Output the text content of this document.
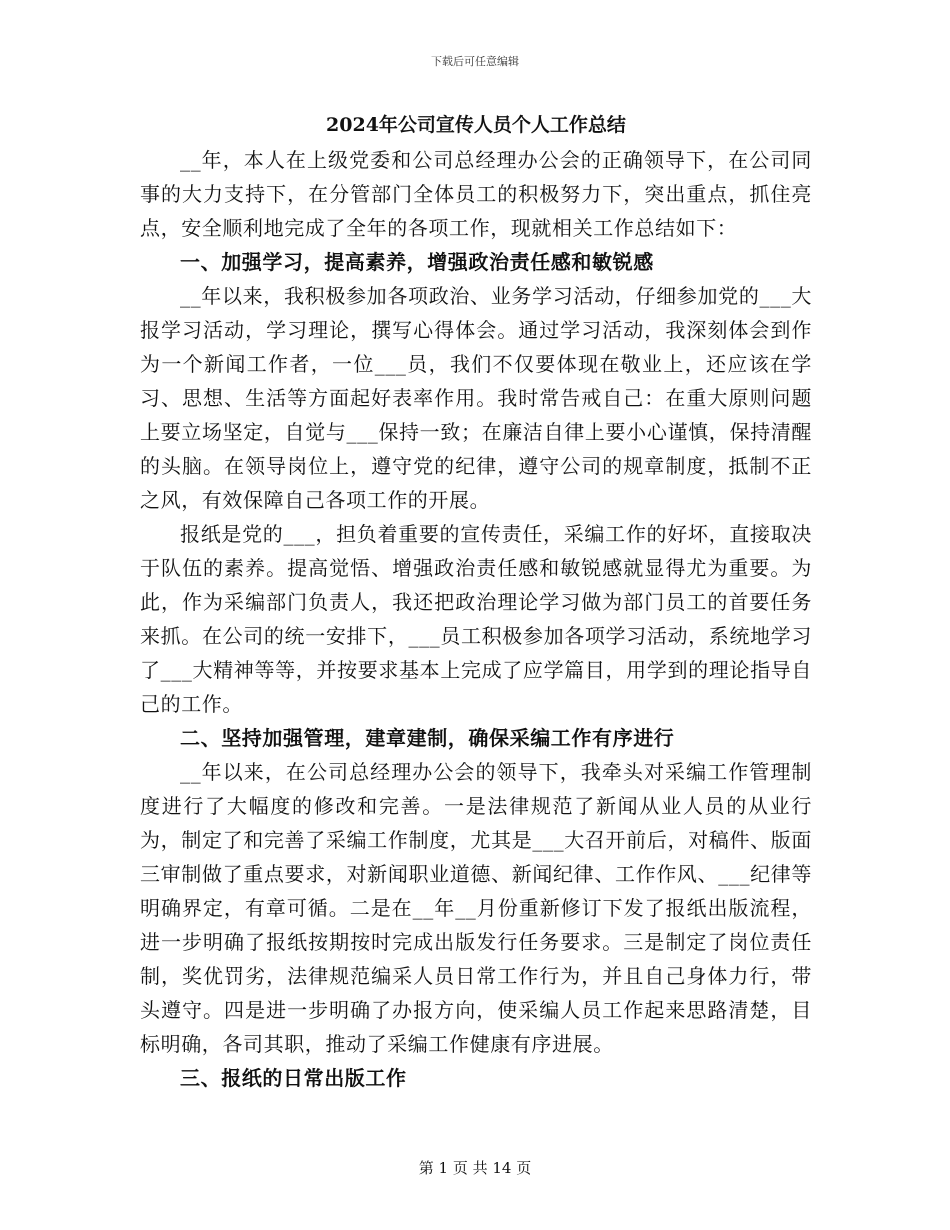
下载后可任意编辑
2024年公司宣传人员个人工作总结

__年，本人在上级党委和公司总经理办公会的正确领导下，在公司同事的大力支持下，在分管部门全体员工的积极努力下，突出重点，抓住亮点，安全顺利地完成了全年的各项工作，现就相关工作总结如下：

一、加强学习，提高素养，增强政治责任感和敏锐感

__年以来，我积极参加各项政治、业务学习活动，仔细参加党的___大报学习活动，学习理论，撰写心得体会。通过学习活动，我深刻体会到作为一个新闻工作者，一位___员，我们不仅要体现在敬业上，还应该在学习、思想、生活等方面起好表率作用。我时常告戒自己：在重大原则问题上要立场坚定，自觉与___保持一致；在廉洁自律上要小心谨慎，保持清醒的头脑。在领导岗位上，遵守党的纪律，遵守公司的规章制度，抵制不正之风，有效保障自己各项工作的开展。

报纸是党的___，担负着重要的宣传责任，采编工作的好坏，直接取决于队伍的素养。提高觉悟、增强政治责任感和敏锐感就显得尤为重要。为此，作为采编部门负责人，我还把政治理论学习做为部门员工的首要任务来抓。在公司的统一安排下，___员工积极参加各项学习活动，系统地学习了___大精神等等，并按要求基本上完成了应学篇目，用学到的理论指导自己的工作。

二、坚持加强管理，建章建制，确保采编工作有序进行

__年以来，在公司总经理办公会的领导下，我牵头对采编工作管理制度进行了大幅度的修改和完善。一是法律规范了新闻从业人员的从业行为，制定了和完善了采编工作制度，尤其是___大召开前后，对稿件、版面三审制做了重点要求，对新闻职业道德、新闻纪律、工作作风、___纪律等明确界定，有章可循。二是在__年__月份重新修订下发了报纸出版流程，进一步明确了报纸按期按时完成出版发行任务要求。三是制定了岗位责任制，奖优罚劣，法律规范编采人员日常工作行为，并且自己身体力行，带头遵守。四是进一步明确了办报方向，使采编人员工作起来思路清楚，目标明确，各司其职，推动了采编工作健康有序进展。

三、报纸的日常出版工作
第 1 页 共 14 页
